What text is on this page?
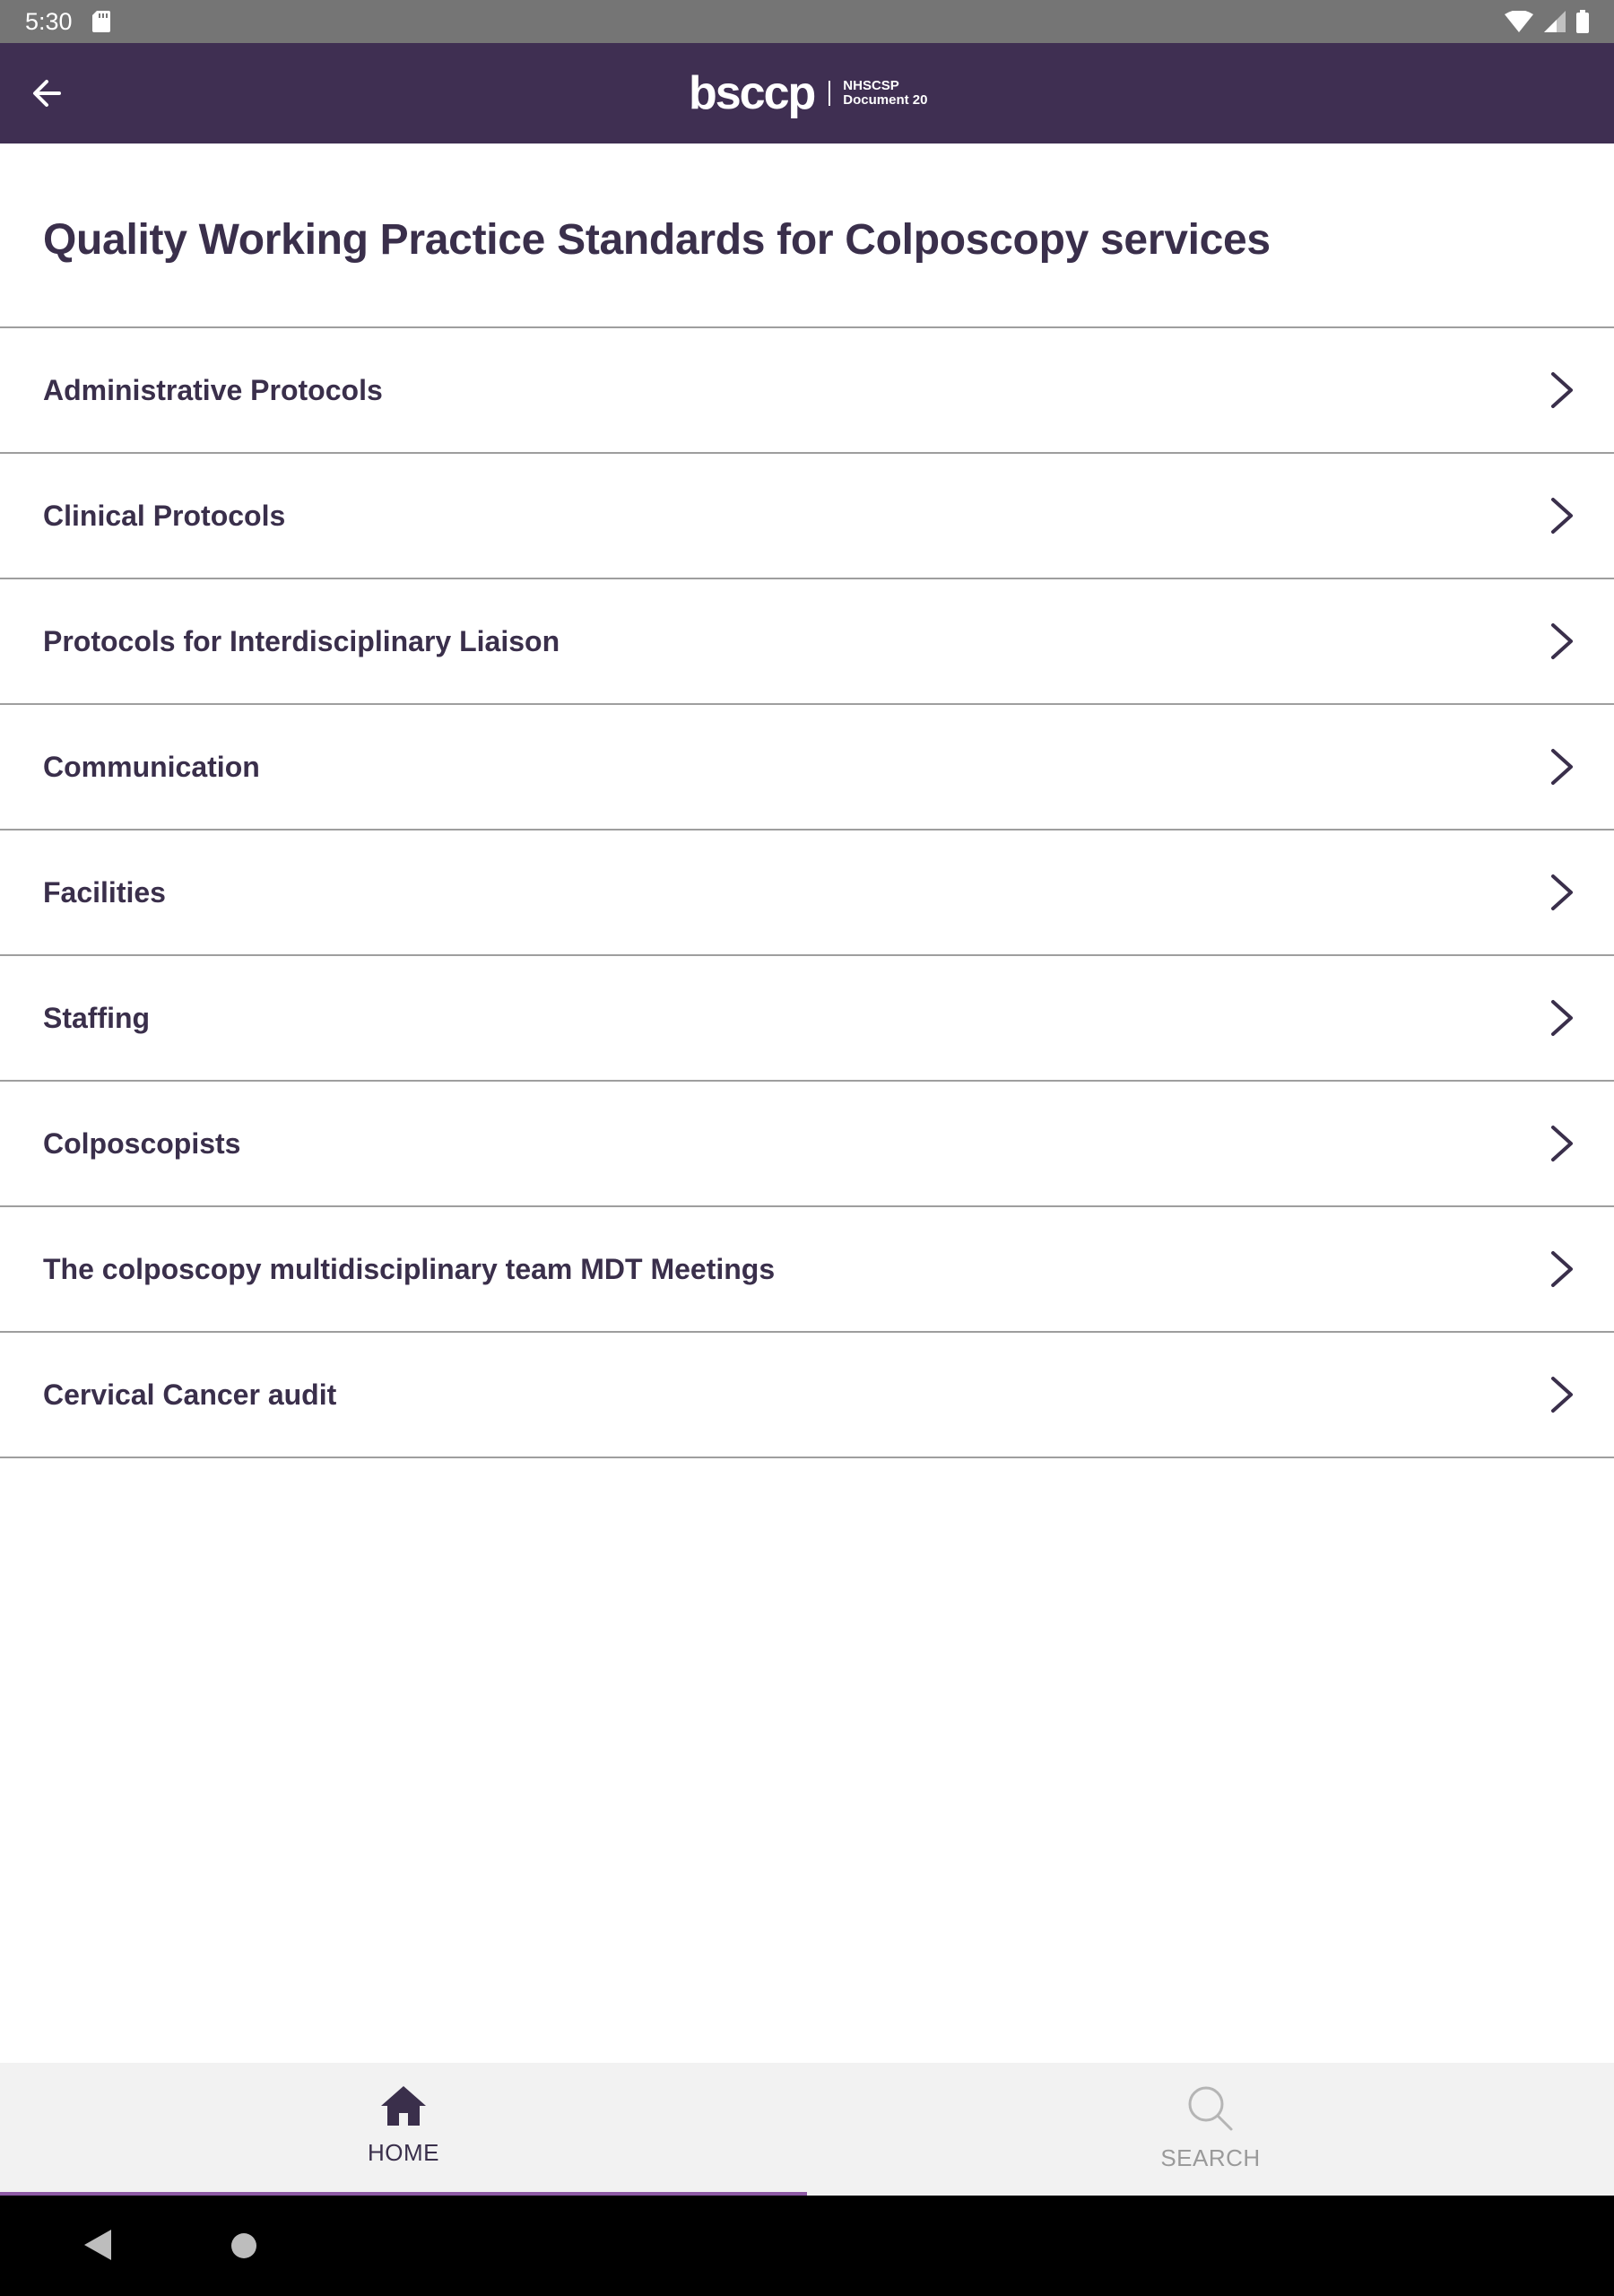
5:30
bsccp NHSCSP
Document 20
Quality Working Practice Standards for Colposcopy services
Administrative Protocols
Clinical Protocols
Protocols for Interdisciplinary Liaison
Communication
Facilities
Staffing
Colposcopists
The colposcopy multidisciplinary team MDT Meetings
Cervical Cancer audit
HOME	SEARCH
